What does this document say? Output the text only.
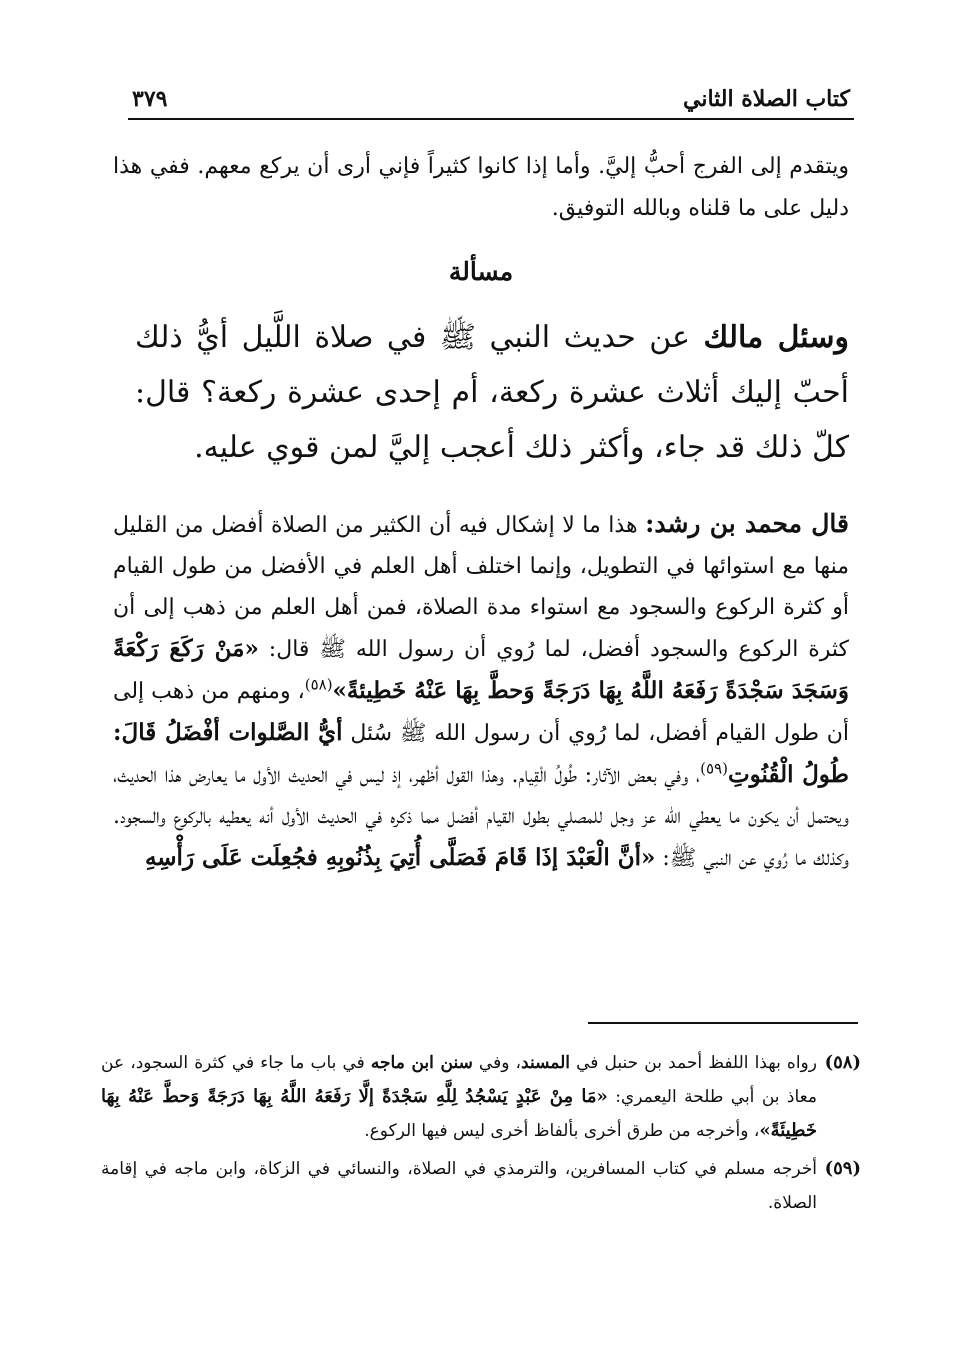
كتاب الصلاة الثاني
٣٧٩

ويتقدم إلى الفرج أحبُّ إليَّ. وأما إذا كانوا كثيراً فإني أرى أن يركع معهم. ففي هذا دليل على ما قلناه وبالله التوفيق.

مسألة

وسئل مالك عن حديث النبي ﷺ في صلاة اللَّيل أيُّ ذلك أحبّ إليك أثلاث عشرة ركعة، أم إحدى عشرة ركعة؟ قال: كلّ ذلك قد جاء، وأكثر ذلك أعجب إليَّ لمن قوي عليه.

قال محمد بن رشد: هذا ما لا إشكال فيه أن الكثير من الصلاة أفضل من القليل منها مع استوائها في التطويل، وإنما اختلف أهل العلم في الأفضل من طول القيام أو كثرة الركوع والسجود مع استواء مدة الصلاة، فمن أهل العلم من ذهب إلى أن كثرة الركوع والسجود أفضل، لما رُوي أن رسول الله ﷺ قال: «مَنْ رَكَعَ رَكْعَةً وَسَجَدَ سَجْدَةً رَفَعَهُ اللَّهُ بِهَا دَرَجَةً وَحطَّ بِهَا عَنْهُ خَطِيئةً»$^{(٥٨)}$، ومنهم من ذهب إلى أن طول القيام أفضل، لما رُوي أن رسول الله ﷺ سُئل أيُّ الصَّلوات أفْضَلُ قَالَ: طُولُ الْقُنُوتِ$^{(٥٩)}$، وفي بعض الآثار: طُولُ الْقِيام. وهذا القول أظهر، إذ ليس في الحديث الأول ما يعارض هذا الحديث، ويحتمل أن يكون ما يعطي الله عز وجل للمصلي بطول القيام أفضل مما ذكره في الحديث الأول أنه يعطيه بالركوع والسجود. وكذلك ما رُوي عن النبي ﷺ: «أنَّ الْعَبْدَ إذَا قَامَ فَصَلَّى أُتِيَ بِذُنُوبِهِ فجُعِلَت عَلَى رَأْسِهِ

(٥٨)
رواه بهذا اللفظ أحمد بن حنبل في المسند، وفي سنن ابن ماجه في باب ما جاء في كثرة السجود، عن معاذ بن أبي طلحة اليعمري: «مَا مِنْ عَبْدٍ يَسْجُدُ لِلَّهِ سَجْدَةً إلَّا رَفَعَهُ اللَّهُ بِهَا دَرَجَةً وَحطَّ عَنْهُ بِهَا خَطِيئَةً»، وأخرجه من طرق أخرى بألفاظ أخرى ليس فيها الركوع.
(٥٩)
أخرجه مسلم في كتاب المسافرين، والترمذي في الصلاة، والنسائي في الزكاة، وابن ماجه في إقامة الصلاة.
